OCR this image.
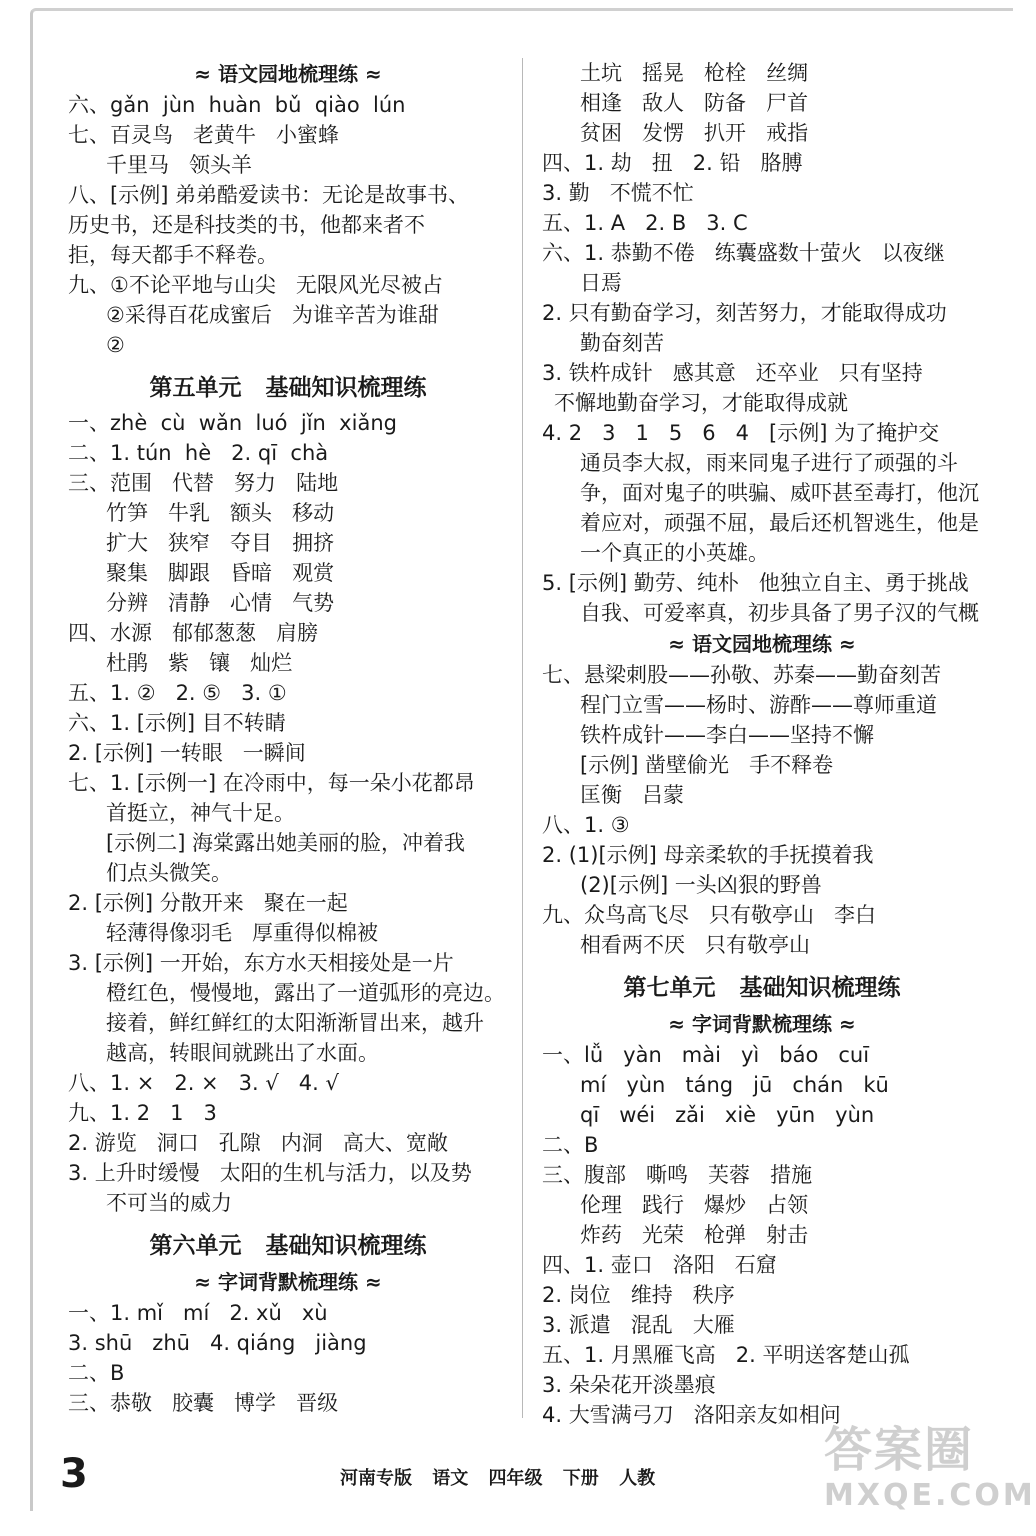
≈ 语文园地梳理练 ≈
六、gǎn  jùn  huàn  bǔ  qiào  lún
七、百灵鸟   老黄牛   小蜜蜂
千里马   领头羊
八、[示例] 弟弟酷爱读书：无论是故事书、
历史书，还是科技类的书，他都来者不
拒，每天都手不释卷。
九、①不论平地与山尖   无限风光尽被占
②采得百花成蜜后   为谁辛苦为谁甜
②
第五单元   基础知识梳理练
一、zhè  cù  wǎn  luó  jǐn  xiǎng
二、1. tún  hè   2. qī  chà
三、范围   代替   努力   陆地
竹笋   牛乳   额头   移动
扩大   狭窄   夺目   拥挤
聚集   脚跟   昏暗   观赏
分辨   清静   心情   气势
四、水源   郁郁葱葱   肩膀
杜鹃   紫   镶   灿烂
五、1. ②   2. ⑤   3. ①
六、1. [示例] 目不转睛
2. [示例] 一转眼   一瞬间
七、1. [示例一] 在冷雨中，每一朵小花都昂
首挺立，神气十足。
[示例二] 海棠露出她美丽的脸，冲着我
们点头微笑。
2. [示例] 分散开来   聚在一起
轻薄得像羽毛   厚重得似棉被
3. [示例] 一开始，东方水天相接处是一片
橙红色，慢慢地，露出了一道弧形的亮边。
接着，鲜红鲜红的太阳渐渐冒出来，越升
越高，转眼间就跳出了水面。
八、1. ×   2. ×   3. √   4. √
九、1. 2   1   3
2. 游览   洞口   孔隙   内洞   高大、宽敞
3. 上升时缓慢   太阳的生机与活力，以及势
不可当的威力
第六单元   基础知识梳理练
≈ 字词背默梳理练 ≈
一、1. mǐ   mí   2. xǔ   xù
3. shū   zhū   4. qiáng   jiàng
二、B
三、恭敬   胶囊   博学   晋级
土坑   摇晃   枪栓   丝绸
相逢   敌人   防备   尸首
贫困   发愣   扒开   戒指
四、1. 劫   扭   2. 铅   胳膊
3. 勤   不慌不忙
五、1. A   2. B   3. C
六、1. 恭勤不倦   练囊盛数十萤火   以夜继
日焉
2. 只有勤奋学习，刻苦努力，才能取得成功
勤奋刻苦
3. 铁杵成针   感其意   还卒业   只有坚持
不懈地勤奋学习，才能取得成就
4. 2   3   1   5   6   4   [示例] 为了掩护交
通员李大叔，雨来同鬼子进行了顽强的斗
争，面对鬼子的哄骗、威吓甚至毒打，他沉
着应对，顽强不屈，最后还机智逃生，他是
一个真正的小英雄。
5. [示例] 勤劳、纯朴   他独立自主、勇于挑战
自我、可爱率真，初步具备了男子汉的气概
≈ 语文园地梳理练 ≈
七、悬梁刺股——孙敬、苏秦——勤奋刻苦
程门立雪——杨时、游酢——尊师重道
铁杵成针——李白——坚持不懈
[示例] 凿壁偷光   手不释卷
匡衡   吕蒙
八、1. ③
2. (1)[示例] 母亲柔软的手抚摸着我
(2)[示例] 一头凶狠的野兽
九、众鸟高飞尽   只有敬亭山   李白
相看两不厌   只有敬亭山
第七单元   基础知识梳理练
≈ 字词背默梳理练 ≈
一、lǚ   yàn   mài   yì   báo   cuī
mí   yùn   táng   jū   chán   kū
qī   wéi   zǎi   xiè   yūn   yùn
二、B
三、腹部   嘶鸣   芙蓉   措施
伦理   践行   爆炒   占领
炸药   光荣   枪弹   射击
四、1. 壶口   洛阳   石窟
2. 岗位   维持   秩序
3. 派遣   混乱   大雁
五、1. 月黑雁飞高   2. 平明送客楚山孤
3. 朵朵花开淡墨痕
4. 大雪满弓刀   洛阳亲友如相问
3	河南专版 语文 四年级 下册 人教
答案圈
MXQE.COM
